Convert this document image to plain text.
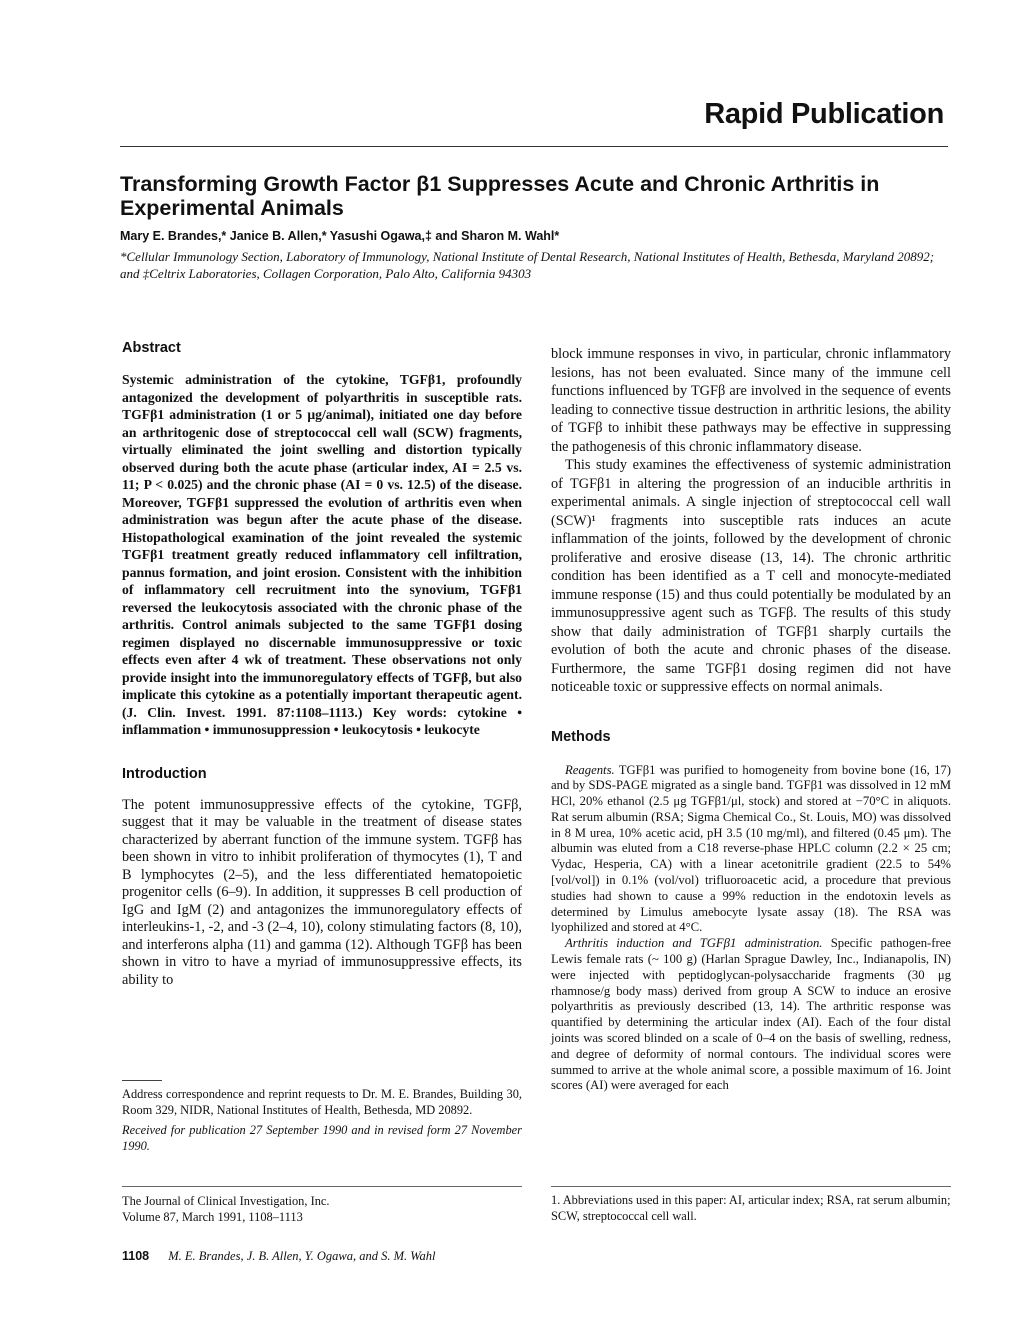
Rapid Publication
Transforming Growth Factor β1 Suppresses Acute and Chronic Arthritis in Experimental Animals
Mary E. Brandes,* Janice B. Allen,* Yasushi Ogawa,‡ and Sharon M. Wahl*
*Cellular Immunology Section, Laboratory of Immunology, National Institute of Dental Research, National Institutes of Health, Bethesda, Maryland 20892; and ‡Celtrix Laboratories, Collagen Corporation, Palo Alto, California 94303
Abstract

Systemic administration of the cytokine, TGFβ1, profoundly antagonized the development of polyarthritis in susceptible rats. TGFβ1 administration (1 or 5 μg/animal), initiated one day before an arthritogenic dose of streptococcal cell wall (SCW) fragments, virtually eliminated the joint swelling and distortion typically observed during both the acute phase (articular index, AI = 2.5 vs. 11; P < 0.025) and the chronic phase (AI = 0 vs. 12.5) of the disease. Moreover, TGFβ1 suppressed the evolution of arthritis even when administration was begun after the acute phase of the disease. Histopathological examination of the joint revealed the systemic TGFβ1 treatment greatly reduced inflammatory cell infiltration, pannus formation, and joint erosion. Consistent with the inhibition of inflammatory cell recruitment into the synovium, TGFβ1 reversed the leukocytosis associated with the chronic phase of the arthritis. Control animals subjected to the same TGFβ1 dosing regimen displayed no discernable immunosuppressive or toxic effects even after 4 wk of treatment. These observations not only provide insight into the immunoregulatory effects of TGFβ, but also implicate this cytokine as a potentially important therapeutic agent. (J. Clin. Invest. 1991. 87:1108–1113.) Key words: cytokine • inflammation • immunosuppression • leukocytosis • leukocyte

Introduction

The potent immunosuppressive effects of the cytokine, TGFβ, suggest that it may be valuable in the treatment of disease states characterized by aberrant function of the immune system. TGFβ has been shown in vitro to inhibit proliferation of thymocytes (1), T and B lymphocytes (2–5), and the less differentiated hematopoietic progenitor cells (6–9). In addition, it suppresses B cell production of IgG and IgM (2) and antagonizes the immunoregulatory effects of interleukins-1, -2, and -3 (2–4, 10), colony stimulating factors (8, 10), and interferons alpha (11) and gamma (12). Although TGFβ has been shown in vitro to have a myriad of immunosuppressive effects, its ability to

Address correspondence and reprint requests to Dr. M. E. Brandes, Building 30, Room 329, NIDR, National Institutes of Health, Bethesda, MD 20892.

Received for publication 27 September 1990 and in revised form 27 November 1990.

The Journal of Clinical Investigation, Inc.
Volume 87, March 1991, 1108–1113

block immune responses in vivo, in particular, chronic inflammatory lesions, has not been evaluated. Since many of the immune cell functions influenced by TGFβ are involved in the sequence of events leading to connective tissue destruction in arthritic lesions, the ability of TGFβ to inhibit these pathways may be effective in suppressing the pathogenesis of this chronic inflammatory disease.

This study examines the effectiveness of systemic administration of TGFβ1 in altering the progression of an inducible arthritis in experimental animals. A single injection of streptococcal cell wall (SCW)¹ fragments into susceptible rats induces an acute inflammation of the joints, followed by the development of chronic proliferative and erosive disease (13, 14). The chronic arthritic condition has been identified as a T cell and monocyte-mediated immune response (15) and thus could potentially be modulated by an immunosuppressive agent such as TGFβ. The results of this study show that daily administration of TGFβ1 sharply curtails the evolution of both the acute and chronic phases of the disease. Furthermore, the same TGFβ1 dosing regimen did not have noticeable toxic or suppressive effects on normal animals.

Methods

Reagents. TGFβ1 was purified to homogeneity from bovine bone (16, 17) and by SDS-PAGE migrated as a single band. TGFβ1 was dissolved in 12 mM HCl, 20% ethanol (2.5 μg TGFβ1/μl, stock) and stored at −70°C in aliquots. Rat serum albumin (RSA; Sigma Chemical Co., St. Louis, MO) was dissolved in 8 M urea, 10% acetic acid, pH 3.5 (10 mg/ml), and filtered (0.45 μm). The albumin was eluted from a C18 reverse-phase HPLC column (2.2 × 25 cm; Vydac, Hesperia, CA) with a linear acetonitrile gradient (22.5 to 54% [vol/vol]) in 0.1% (vol/vol) trifluoroacetic acid, a procedure that previous studies had shown to cause a 99% reduction in the endotoxin levels as determined by Limulus amebocyte lysate assay (18). The RSA was lyophilized and stored at 4°C.

Arthritis induction and TGFβ1 administration. Specific pathogen-free Lewis female rats (~ 100 g) (Harlan Sprague Dawley, Inc., Indianapolis, IN) were injected with peptidoglycan-polysaccharide fragments (30 μg rhamnose/g body mass) derived from group A SCW to induce an erosive polyarthritis as previously described (13, 14). The arthritic response was quantified by determining the articular index (AI). Each of the four distal joints was scored blinded on a scale of 0–4 on the basis of swelling, redness, and degree of deformity of normal contours. The individual scores were summed to arrive at the whole animal score, a possible maximum of 16. Joint scores (AI) were averaged for each

1. Abbreviations used in this paper: AI, articular index; RSA, rat serum albumin; SCW, streptococcal cell wall.

1108 M. E. Brandes, J. B. Allen, Y. Ogawa, and S. M. Wahl
